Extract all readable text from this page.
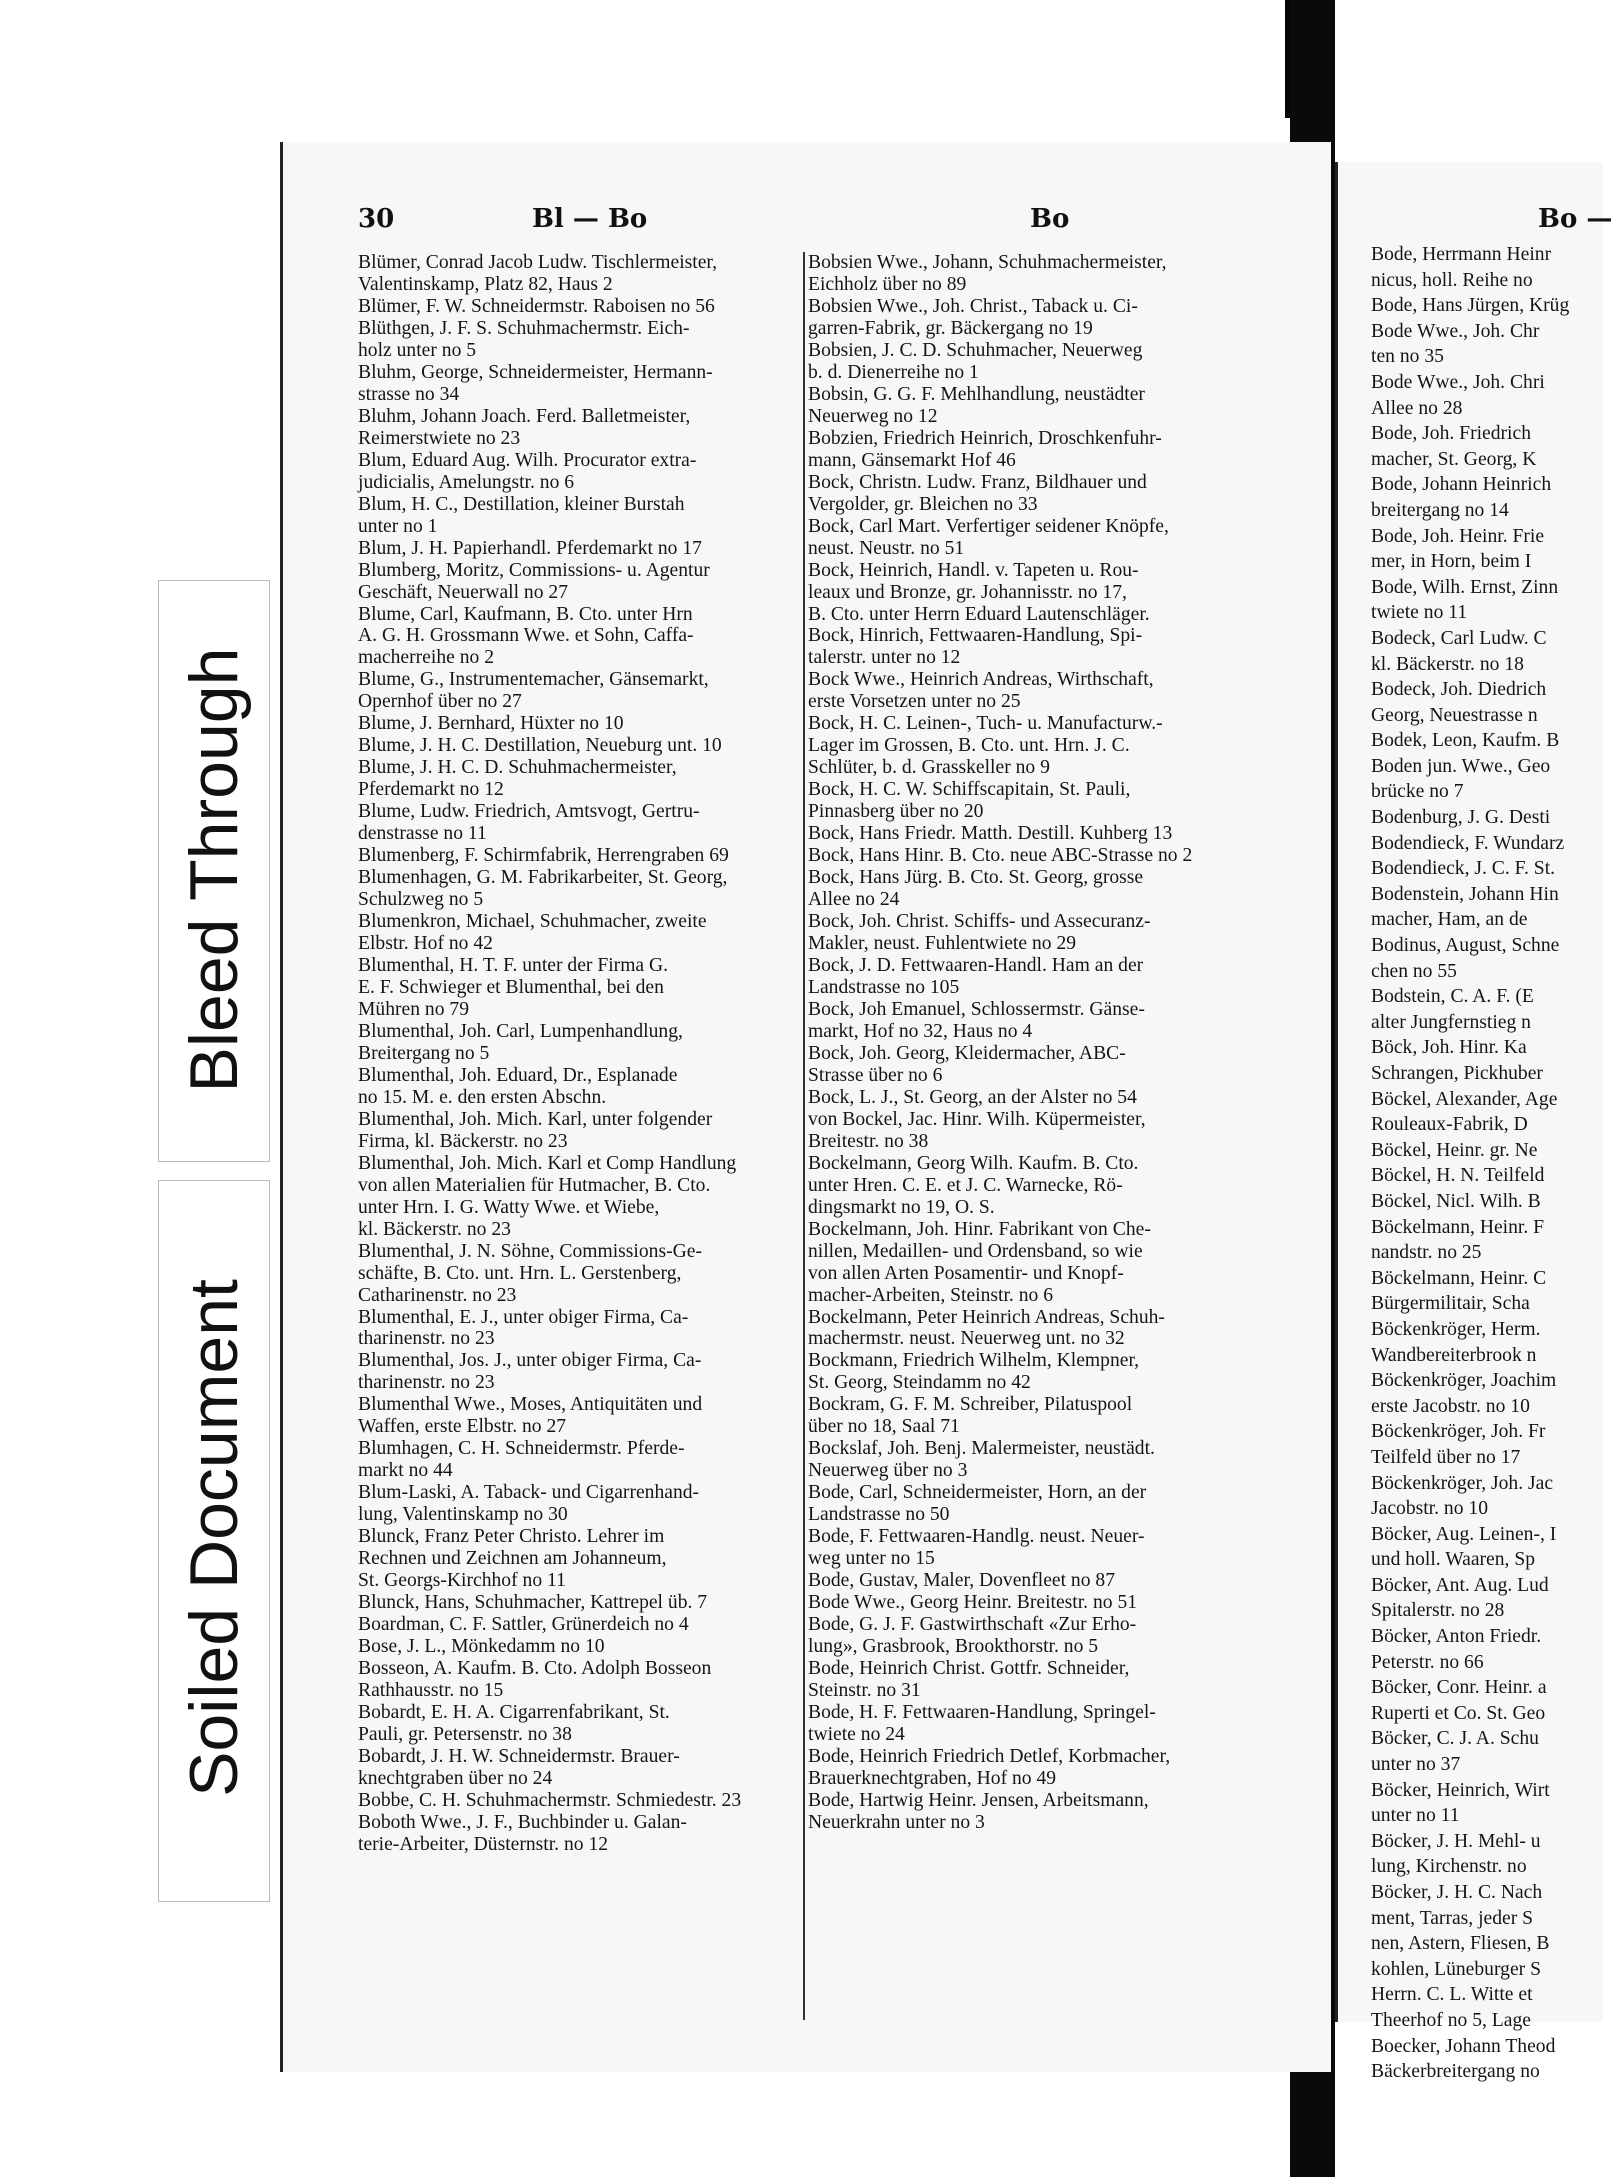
Bleed Through
Soiled Document
30	Bl — Bo	Bo
Blümer, Conrad Jacob Ludw. Tischlermeister,
Valentinskamp, Platz 82, Haus 2
Blümer, F. W. Schneidermstr. Raboisen no 56
Blüthgen, J. F. S. Schuhmachermstr. Eich-
holz unter no 5
Bluhm, George, Schneidermeister, Hermann-
strasse no 34
Bluhm, Johann Joach. Ferd. Balletmeister,
Reimerstwiete no 23
Blum, Eduard Aug. Wilh. Procurator extra-
judicialis, Amelungstr. no 6
Blum, H. C., Destillation, kleiner Burstah
unter no 1
Blum, J. H. Papierhandl. Pferdemarkt no 17
Blumberg, Moritz, Commissions- u. Agentur
Geschäft, Neuerwall no 27
Blume, Carl, Kaufmann, B. Cto. unter Hrn
A. G. H. Grossmann Wwe. et Sohn, Caffa-
macherreihe no 2
Blume, G., Instrumentemacher, Gänsemarkt,
Opernhof über no 27
Blume, J. Bernhard, Hüxter no 10
Blume, J. H. C. Destillation, Neueburg unt. 10
Blume, J. H. C. D. Schuhmachermeister,
Pferdemarkt no 12
Blume, Ludw. Friedrich, Amtsvogt, Gertru-
denstrasse no 11
Blumenberg, F. Schirmfabrik, Herrengraben 69
Blumenhagen, G. M. Fabrikarbeiter, St. Georg,
Schulzweg no 5
Blumenkron, Michael, Schuhmacher, zweite
Elbstr. Hof no 42
Blumenthal, H. T. F. unter der Firma G.
E. F. Schwieger et Blumenthal, bei den
Mühren no 79
Blumenthal, Joh. Carl, Lumpenhandlung,
Breitergang no 5
Blumenthal, Joh. Eduard, Dr., Esplanade
no 15. M. e. den ersten Abschn.
Blumenthal, Joh. Mich. Karl, unter folgender
Firma, kl. Bäckerstr. no 23
Blumenthal, Joh. Mich. Karl et Comp Handlung
von allen Materialien für Hutmacher, B. Cto.
unter Hrn. I. G. Watty Wwe. et Wiebe,
kl. Bäckerstr. no 23
Blumenthal, J. N. Söhne, Commissions-Ge-
schäfte, B. Cto. unt. Hrn. L. Gerstenberg,
Catharinenstr. no 23
Blumenthal, E. J., unter obiger Firma, Ca-
tharinenstr. no 23
Blumenthal, Jos. J., unter obiger Firma, Ca-
tharinenstr. no 23
Blumenthal Wwe., Moses, Antiquitäten und
Waffen, erste Elbstr. no 27
Blumhagen, C. H. Schneidermstr. Pferde-
markt no 44
Blum-Laski, A. Taback- und Cigarrenhand-
lung, Valentinskamp no 30
Blunck, Franz Peter Christo. Lehrer im
Rechnen und Zeichnen am Johanneum,
St. Georgs-Kirchhof no 11
Blunck, Hans, Schuhmacher, Kattrepel üb. 7
Boardman, C. F. Sattler, Grünerdeich no 4
Bose, J. L., Mönkedamm no 10
Bosseon, A. Kaufm. B. Cto. Adolph Bosseon
Rathhausstr. no 15
Bobardt, E. H. A. Cigarrenfabrikant, St.
Pauli, gr. Petersenstr. no 38
Bobardt, J. H. W. Schneidermstr. Brauer-
knechtgraben über no 24
Bobbe, C. H. Schuhmachermstr. Schmiedestr. 23
Boboth Wwe., J. F., Buchbinder u. Galan-
terie-Arbeiter, Düsternstr. no 12
Bobsien Wwe., Johann, Schuhmachermeister,
Eichholz über no 89
Bobsien Wwe., Joh. Christ., Taback u. Ci-
garren-Fabrik, gr. Bäckergang no 19
Bobsien, J. C. D. Schuhmacher, Neuerweg
b. d. Dienerreihe no 1
Bobsin, G. G. F. Mehlhandlung, neustädter
Neuerweg no 12
Bobzien, Friedrich Heinrich, Droschkenfuhr-
mann, Gänsemarkt Hof 46
Bock, Christn. Ludw. Franz, Bildhauer und
Vergolder, gr. Bleichen no 33
Bock, Carl Mart. Verfertiger seidener Knöpfe,
neust. Neustr. no 51
Bock, Heinrich, Handl. v. Tapeten u. Rou-
leaux und Bronze, gr. Johannisstr. no 17,
B. Cto. unter Herrn Eduard Lautenschläger.
Bock, Hinrich, Fettwaaren-Handlung, Spi-
talerstr. unter no 12
Bock Wwe., Heinrich Andreas, Wirthschaft,
erste Vorsetzen unter no 25
Bock, H. C. Leinen-, Tuch- u. Manufacturw.-
Lager im Grossen, B. Cto. unt. Hrn. J. C.
Schlüter, b. d. Grasskeller no 9
Bock, H. C. W. Schiffscapitain, St. Pauli,
Pinnasberg über no 20
Bock, Hans Friedr. Matth. Destill. Kuhberg 13
Bock, Hans Hinr. B. Cto. neue ABC-Strasse no 2
Bock, Hans Jürg. B. Cto. St. Georg, grosse
Allee no 24
Bock, Joh. Christ. Schiffs- und Assecuranz-
Makler, neust. Fuhlentwiete no 29
Bock, J. D. Fettwaaren-Handl. Ham an der
Landstrasse no 105
Bock, Joh Emanuel, Schlossermstr. Gänse-
markt, Hof no 32, Haus no 4
Bock, Joh. Georg, Kleidermacher, ABC-
Strasse über no 6
Bock, L. J., St. Georg, an der Alster no 54
von Bockel, Jac. Hinr. Wilh. Küpermeister,
Breitestr. no 38
Bockelmann, Georg Wilh. Kaufm. B. Cto.
unter Hren. C. E. et J. C. Warnecke, Rö-
dingsmarkt no 19, O. S.
Bockelmann, Joh. Hinr. Fabrikant von Che-
nillen, Medaillen- und Ordensband, so wie
von allen Arten Posamentir- und Knopf-
macher-Arbeiten, Steinstr. no 6
Bockelmann, Peter Heinrich Andreas, Schuh-
machermstr. neust. Neuerweg unt. no 32
Bockmann, Friedrich Wilhelm, Klempner,
St. Georg, Steindamm no 42
Bockram, G. F. M. Schreiber, Pilatuspool
über no 18, Saal 71
Bockslaf, Joh. Benj. Malermeister, neustädt.
Neuerweg über no 3
Bode, Carl, Schneidermeister, Horn, an der
Landstrasse no 50
Bode, F. Fettwaaren-Handlg. neust. Neuer-
weg unter no 15
Bode, Gustav, Maler, Dovenfleet no 87
Bode Wwe., Georg Heinr. Breitestr. no 51
Bode, G. J. F. Gastwirthschaft «Zur Erho-
lung», Grasbrook, Brookthorstr. no 5
Bode, Heinrich Christ. Gottfr. Schneider,
Steinstr. no 31
Bode, H. F. Fettwaaren-Handlung, Springel-
twiete no 24
Bode, Heinrich Friedrich Detlef, Korbmacher,
Brauerknechtgraben, Hof no 49
Bode, Hartwig Heinr. Jensen, Arbeitsmann,
Neuerkrahn unter no 3
Bo —
Bode, Herrmann Heinr
nicus, holl. Reihe no
Bode, Hans Jürgen, Krüg
Bode Wwe., Joh. Chr
ten no 35
Bode Wwe., Joh. Chri
Allee no 28
Bode, Joh. Friedrich
macher, St. Georg, K
Bode, Johann Heinrich
breitergang no 14
Bode, Joh. Heinr. Frie
mer, in Horn, beim I
Bode, Wilh. Ernst, Zinn
twiete no 11
Bodeck, Carl Ludw. C
kl. Bäckerstr. no 18
Bodeck, Joh. Diedrich
Georg, Neuestrasse n
Bodek, Leon, Kaufm. B
Boden jun. Wwe., Geo
brücke no 7
Bodenburg, J. G. Desti
Bodendieck, F. Wundarz
Bodendieck, J. C. F. St.
Bodenstein, Johann Hin
macher, Ham, an de
Bodinus, August, Schne
chen no 55
Bodstein, C. A. F. (E
alter Jungfernstieg n
Böck, Joh. Hinr. Ka
Schrangen, Pickhuber
Böckel, Alexander, Age
Rouleaux-Fabrik, D
Böckel, Heinr. gr. Ne
Böckel, H. N. Teilfeld
Böckel, Nicl. Wilh. B
Böckelmann, Heinr. F
nandstr. no 25
Böckelmann, Heinr. C
Bürgermilitair, Scha
Böckenkröger, Herm.
Wandbereiterbrook n
Böckenkröger, Joachim
erste Jacobstr. no 10
Böckenkröger, Joh. Fr
Teilfeld über no 17
Böckenkröger, Joh. Jac
Jacobstr. no 10
Böcker, Aug. Leinen-, I
und holl. Waaren, Sp
Böcker, Ant. Aug. Lud
Spitalerstr. no 28
Böcker, Anton Friedr.
Peterstr. no 66
Böcker, Conr. Heinr. a
Ruperti et Co. St. Geo
Böcker, C. J. A. Schu
unter no 37
Böcker, Heinrich, Wirt
unter no 11
Böcker, J. H. Mehl- u
lung, Kirchenstr. no
Böcker, J. H. C. Nach
ment, Tarras, jeder S
nen, Astern, Fliesen, B
kohlen, Lüneburger S
Herrn. C. L. Witte et
Theerhof no 5, Lage
Boecker, Johann Theod
Bäckerbreitergang no
